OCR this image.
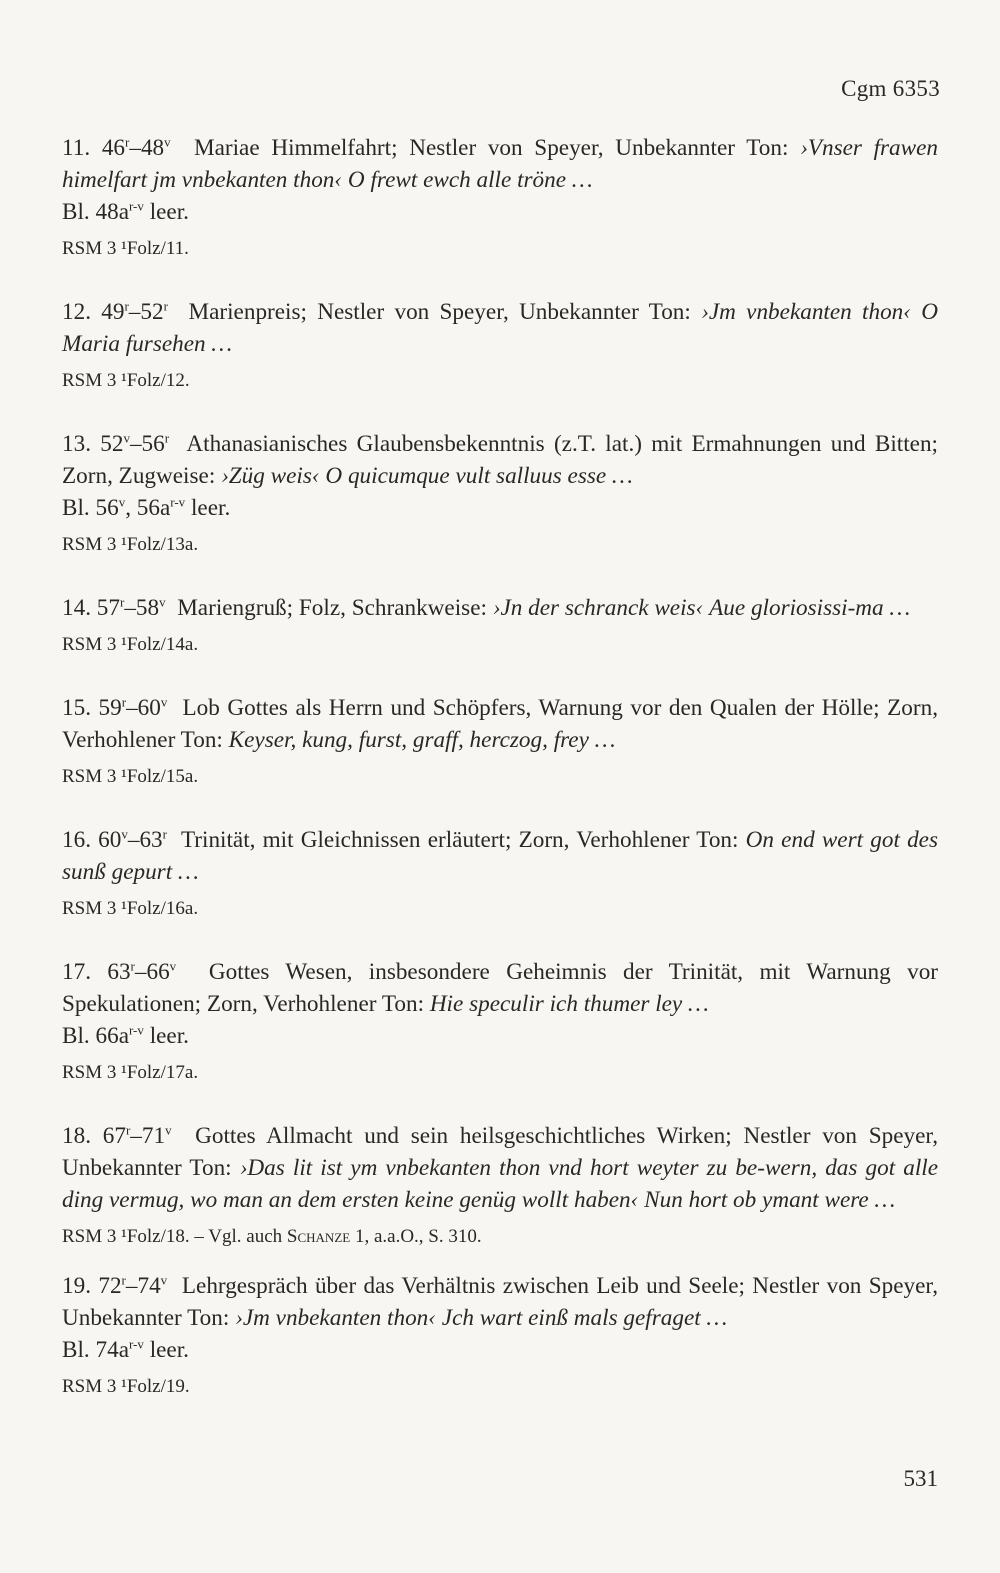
Cgm 6353

11. 46$^r$–48$^v$ Mariae Himmelfahrt; Nestler von Speyer, Unbekannter Ton: ›Vnser frawen himelfart jm vnbekanten thon‹ O frewt ewch alle tröne …

Bl. $48a^{r-v}$ leer.

RSM 3 ¹Folz/11.

12. 49$^r$–52$^r$ Marienpreis; Nestler von Speyer, Unbekannter Ton: ›Jm vnbekanten thon‹ O Maria fursehen …

RSM 3 ¹Folz/12.

13. 52$^v$–56$^r$ Athanasianisches Glaubensbekenntnis (z.T. lat.) mit Ermahnungen und Bitten; Zorn, Zugweise: ›Züg weis‹ O quicumque vult salluus esse …

Bl. 56$^v$, $56a^{r-v}$ leer.

RSM 3 ¹Folz/13a.

14. 57$^r$–58$^v$ Mariengruß; Folz, Schrankweise: ›Jn der schranck weis‹ Aue gloriosissi-ma …

RSM 3 ¹Folz/14a.

15. 59$^r$–60$^v$ Lob Gottes als Herrn und Schöpfers, Warnung vor den Qualen der Hölle; Zorn, Verhohlener Ton: Keyser, kung, furst, graff, herczog, frey …

RSM 3 ¹Folz/15a.

16. 60$^v$–63$^r$ Trinität, mit Gleichnissen erläutert; Zorn, Verhohlener Ton: On end wert got des sunß gepurt …

RSM 3 ¹Folz/16a.

17. 63$^r$–66$^v$ Gottes Wesen, insbesondere Geheimnis der Trinität, mit Warnung vor Spekulationen; Zorn, Verhohlener Ton: Hie speculir ich thumer ley …

Bl. $66a^{r-v}$ leer.

RSM 3 ¹Folz/17a.

18. 67$^r$–71$^v$ Gottes Allmacht und sein heilsgeschichtliches Wirken; Nestler von Speyer, Unbekannter Ton: ›Das lit ist ym vnbekanten thon vnd hort weyter zu be-wern, das got alle ding vermug, wo man an dem ersten keine genüg wollt haben‹ Nun hort ob ymant were …

RSM 3 ¹Folz/18. – Vgl. auch Schanze 1, a.a.O., S. 310.

19. 72$^r$–74$^v$ Lehrgespräch über das Verhältnis zwischen Leib und Seele; Nestler von Speyer, Unbekannter Ton: ›Jm vnbekanten thon‹ Jch wart einß mals gefraget …

Bl. $74a^{r-v}$ leer.

RSM 3 ¹Folz/19.
531
